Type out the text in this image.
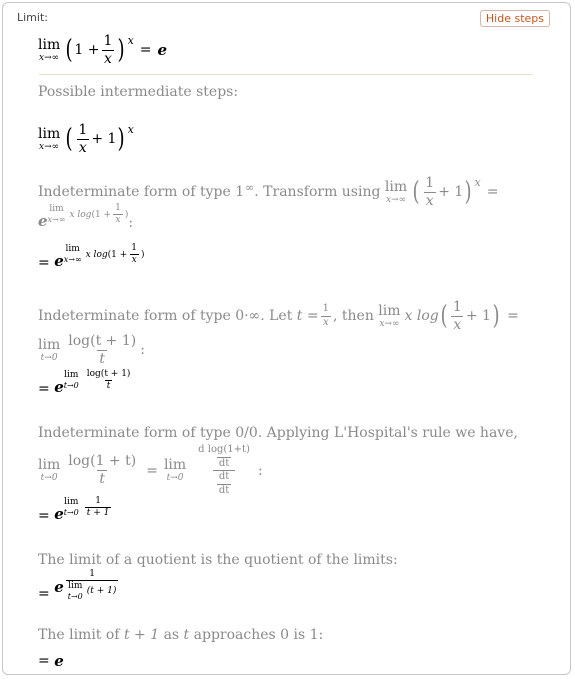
Limit:	Hide steps
lim
x→∞ ( 1
+ $\frac{1}{x}$ ) x
= e
Possible intermediate steps:
lim
x→∞ ( $\frac{1}{x} + 1$ ) x
Indeterminate form of type 1 ∞ . Transform using
lim
x→∞ ( $\frac{1}{x} + 1$ ) x
=
e
lim
x→∞ x log ( $1 + \frac{1}{x}$ ) :
=
e
lim
x→∞ x log ( $1 + \frac{1}{x}$ )
Indeterminate form of type 0·∞. Let
t
= $\frac{1}{x}$ , then
lim
x→∞ x log ( $\frac{1}{x} + 1$ ) =
lim
$t\to 0 \frac{\log(t + 1)}{t}$ :
=
e
lim
$t\to 0 \frac{\log(t + 1)}{t}$
Indeterminate form of type 0/0. Applying L'Hospital's rule we have,
lim
$t\to 0 \frac{\log(1 + t)}{t} = \lim$
$t\to 0 \frac{\frac{\text{d log(1+t)}}{dt}}{\frac{dt}{dt}}$ :
=
e
lim
$t\to 0 \frac{1}{t + 1}$
The limit of a quotient is the quotient of the limits:
=
e 1
lim
t→0
(t + 1)
The limit of t + 1 as t approaches 0 is 1:
=
e
